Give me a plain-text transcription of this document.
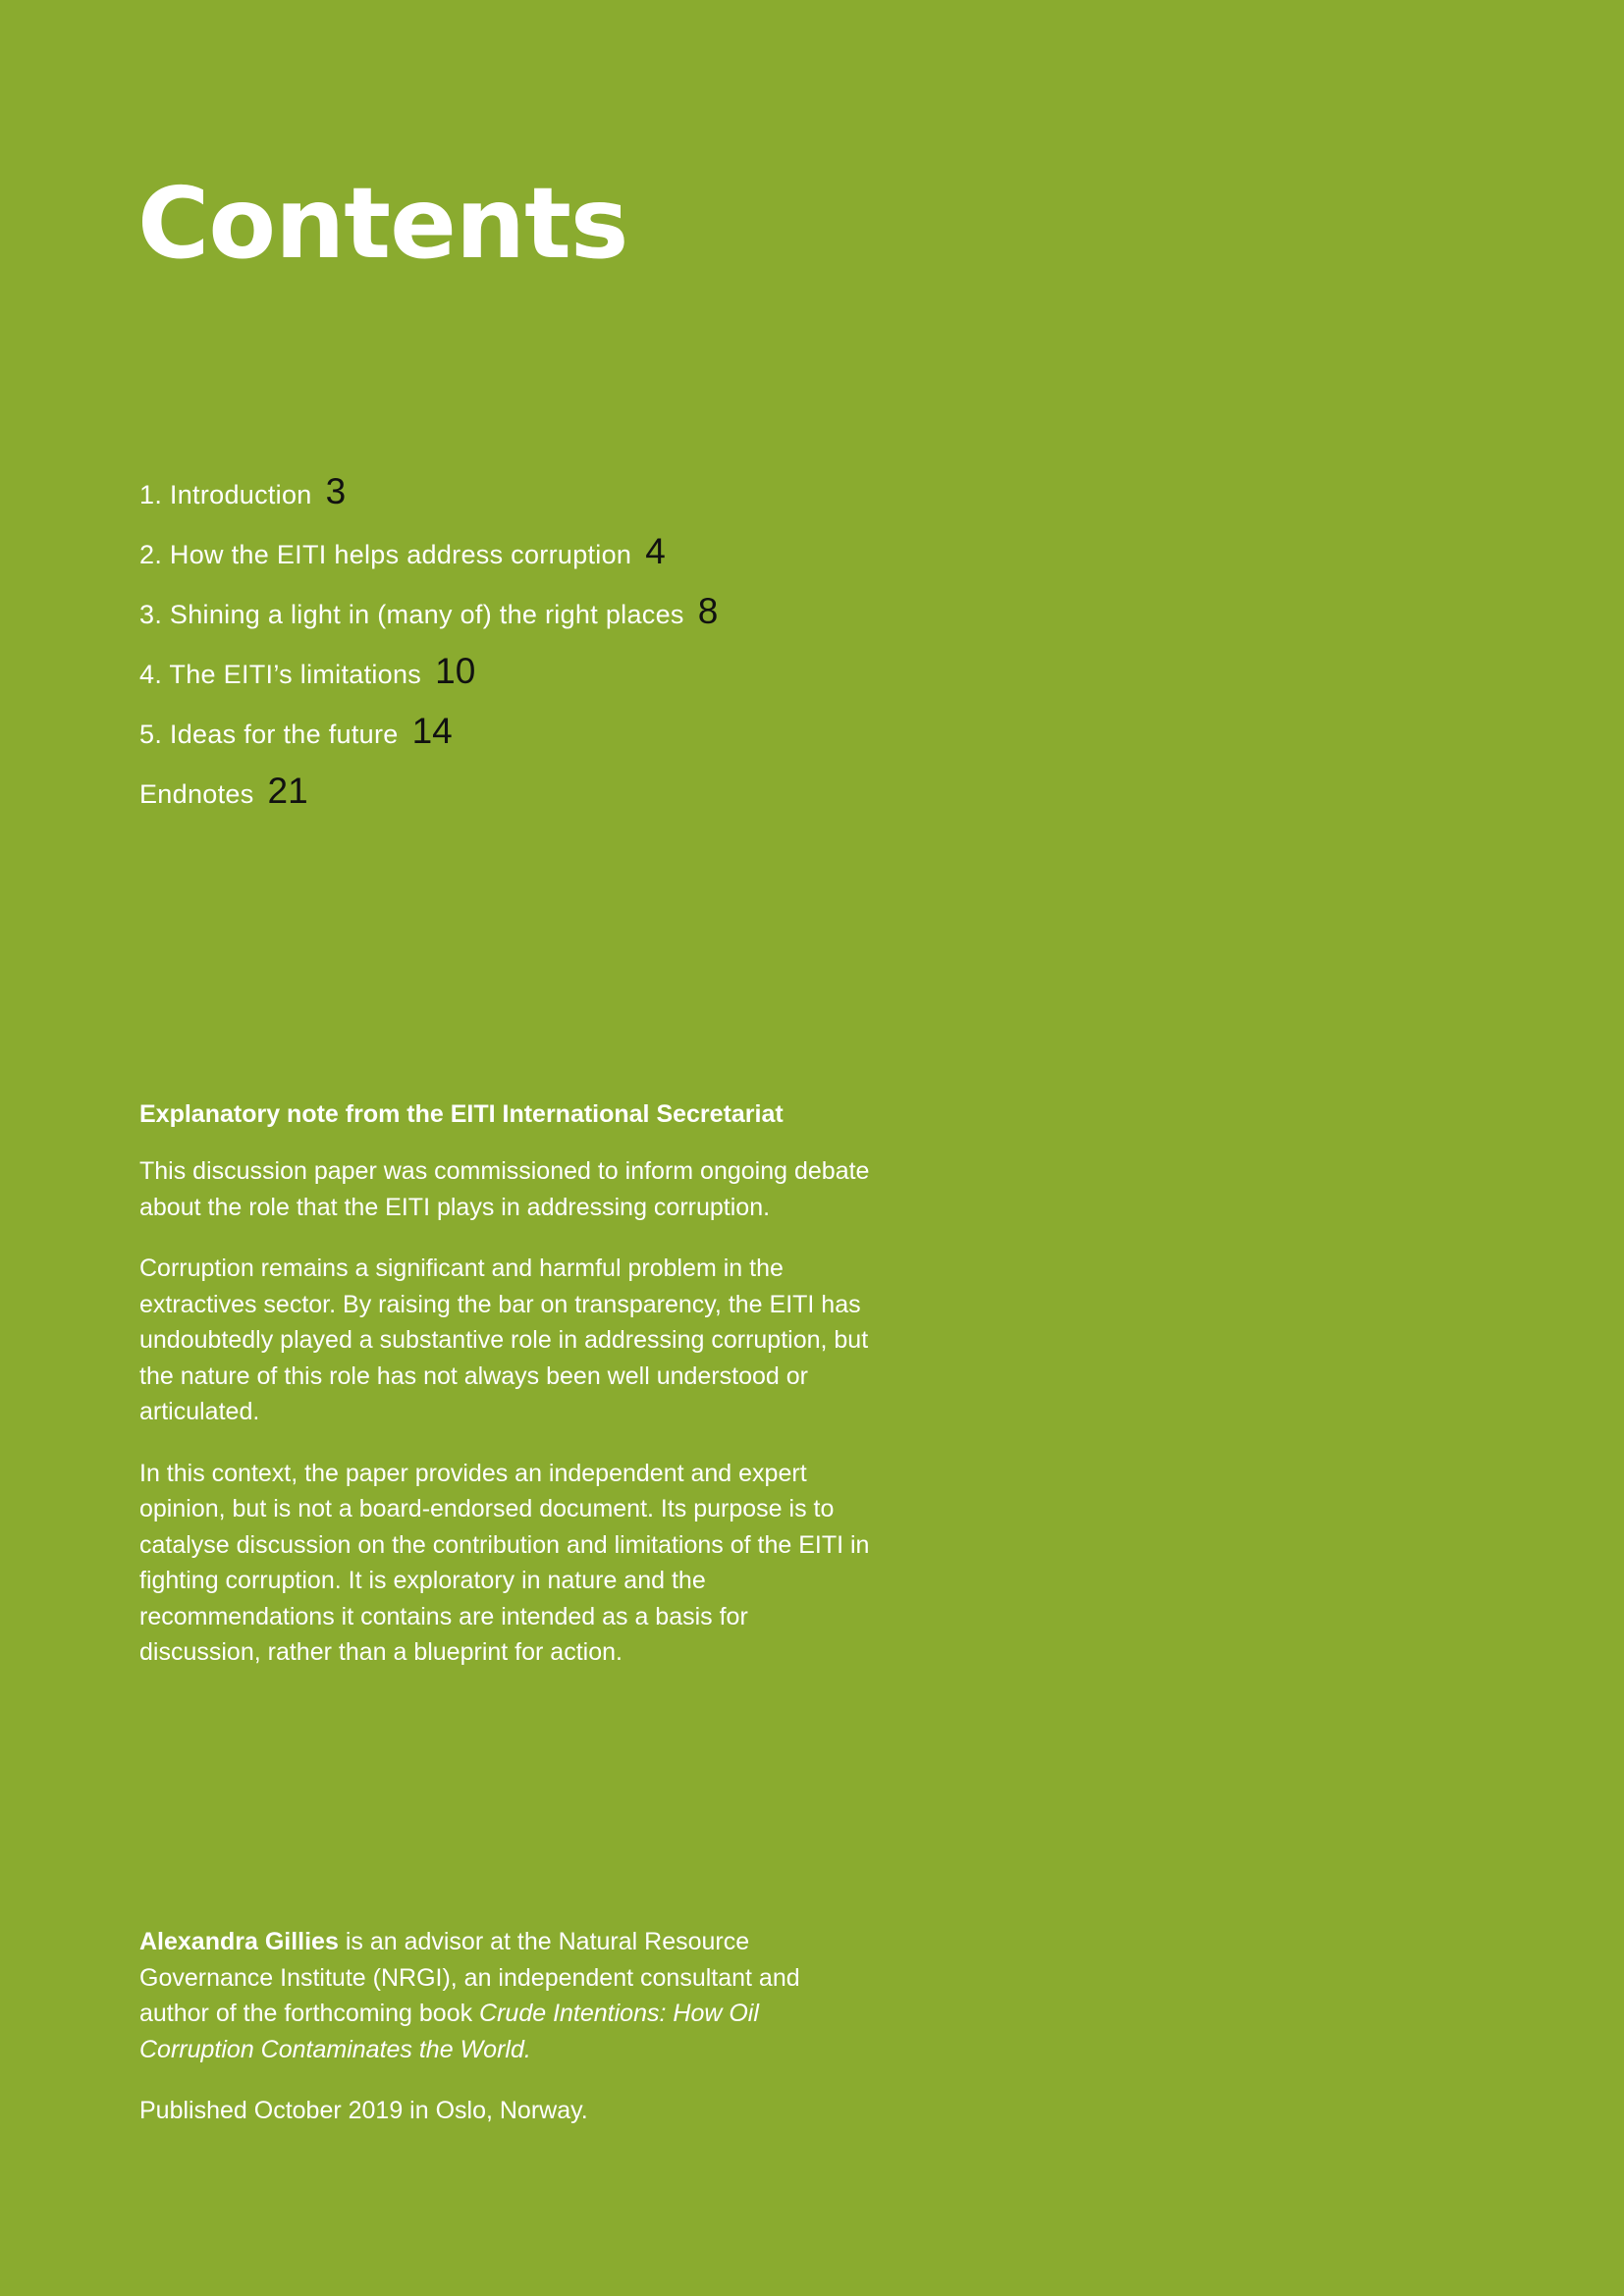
Contents
1. Introduction 3
2. How the EITI helps address corruption 4
3. Shining a light in (many of) the right places 8
4. The EITI’s limitations 10
5. Ideas for the future 14
Endnotes 21
Explanatory note from the EITI International Secretariat

This discussion paper was commissioned to inform ongoing debate about the role that the EITI plays in addressing corruption.

Corruption remains a significant and harmful problem in the extractives sector. By raising the bar on transparency, the EITI has undoubtedly played a substantive role in addressing corruption, but the nature of this role has not always been well understood or articulated.

In this context, the paper provides an independent and expert opinion, but is not a board-endorsed document. Its purpose is to catalyse discussion on the contribution and limitations of the EITI in fighting corruption. It is exploratory in nature and the recommendations it contains are intended as a basis for discussion, rather than a blueprint for action.

Alexandra Gillies is an advisor at the Natural Resource Governance Institute (NRGI), an independent consultant and author of the forthcoming book Crude Intentions: How Oil Corruption Contaminates the World.

Published October 2019 in Oslo, Norway.
